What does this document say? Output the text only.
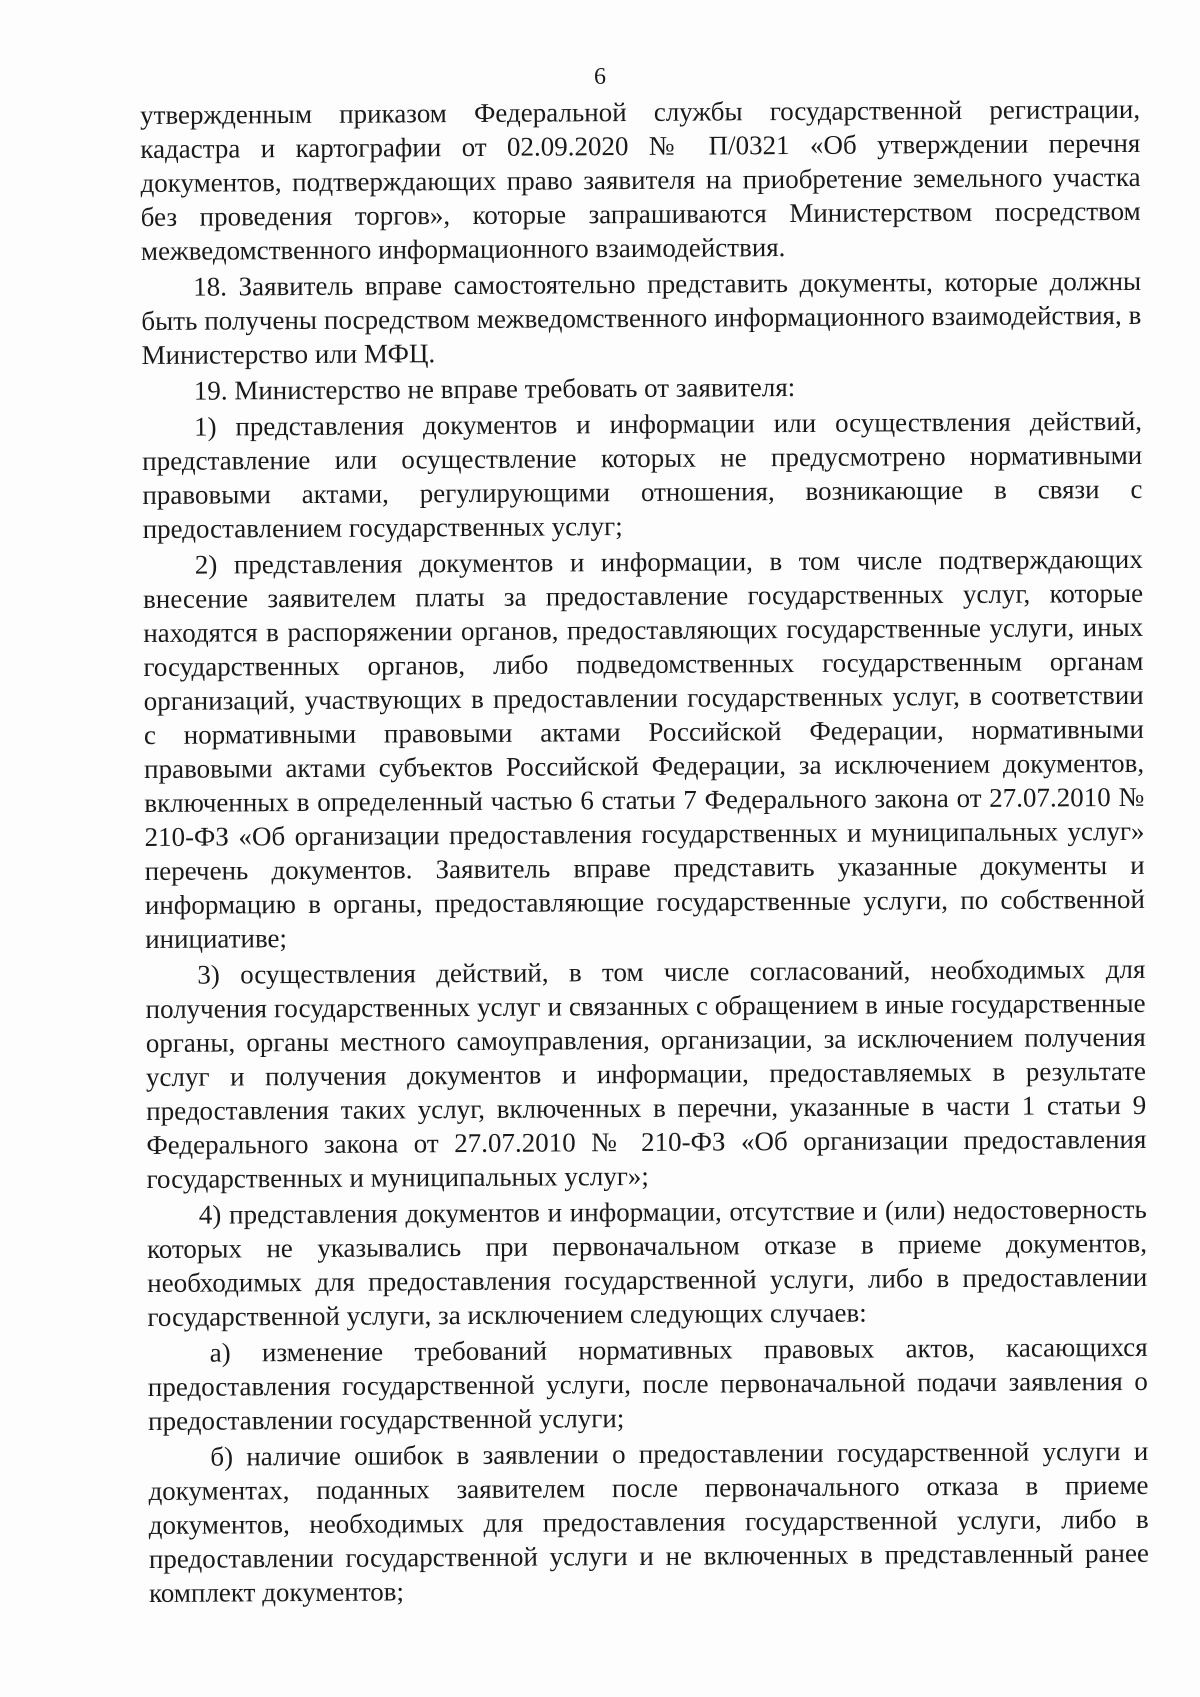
6

утвержденным приказом Федеральной службы государственной регистрации, кадастра и картографии от 02.09.2020 № П/0321 «Об утверждении перечня документов, подтверждающих право заявителя на приобретение земельного участка без проведения торгов», которые запрашиваются Министерством посредством межведомственного информационного взаимодействия.

18. Заявитель вправе самостоятельно представить документы, которые должны быть получены посредством межведомственного информационного взаимодействия, в Министерство или МФЦ.

19. Министерство не вправе требовать от заявителя:

1) представления документов и информации или осуществления действий, представление или осуществление которых не предусмотрено нормативными правовыми актами, регулирующими отношения, возникающие в связи с предоставлением государственных услуг;

2) представления документов и информации, в том числе подтверждающих внесение заявителем платы за предоставление государственных услуг, которые находятся в распоряжении органов, предоставляющих государственные услуги, иных государственных органов, либо подведомственных государственным органам организаций, участвующих в предоставлении государственных услуг, в соответствии с нормативными правовыми актами Российской Федерации, нормативными правовыми актами субъектов Российской Федерации, за исключением документов, включенных в определенный частью 6 статьи 7 Федерального закона от 27.07.2010 № 210-ФЗ «Об организации предоставления государственных и муниципальных услуг» перечень документов. Заявитель вправе представить указанные документы и информацию в органы, предоставляющие государственные услуги, по собственной инициативе;

3) осуществления действий, в том числе согласований, необходимых для получения государственных услуг и связанных с обращением в иные государственные органы, органы местного самоуправления, организации, за исключением получения услуг и получения документов и информации, предоставляемых в результате предоставления таких услуг, включенных в перечни, указанные в части 1 статьи 9 Федерального закона от 27.07.2010 № 210-ФЗ «Об организации предоставления государственных и муниципальных услуг»;

4) представления документов и информации, отсутствие и (или) недостоверность которых не указывались при первоначальном отказе в приеме документов, необходимых для предоставления государственной услуги, либо в предоставлении государственной услуги, за исключением следующих случаев:

а) изменение требований нормативных правовых актов, касающихся предоставления государственной услуги, после первоначальной подачи заявления о предоставлении государственной услуги;

б) наличие ошибок в заявлении о предоставлении государственной услуги и документах, поданных заявителем после первоначального отказа в приеме документов, необходимых для предоставления государственной услуги, либо в предоставлении государственной услуги и не включенных в представленный ранее комплект документов;
